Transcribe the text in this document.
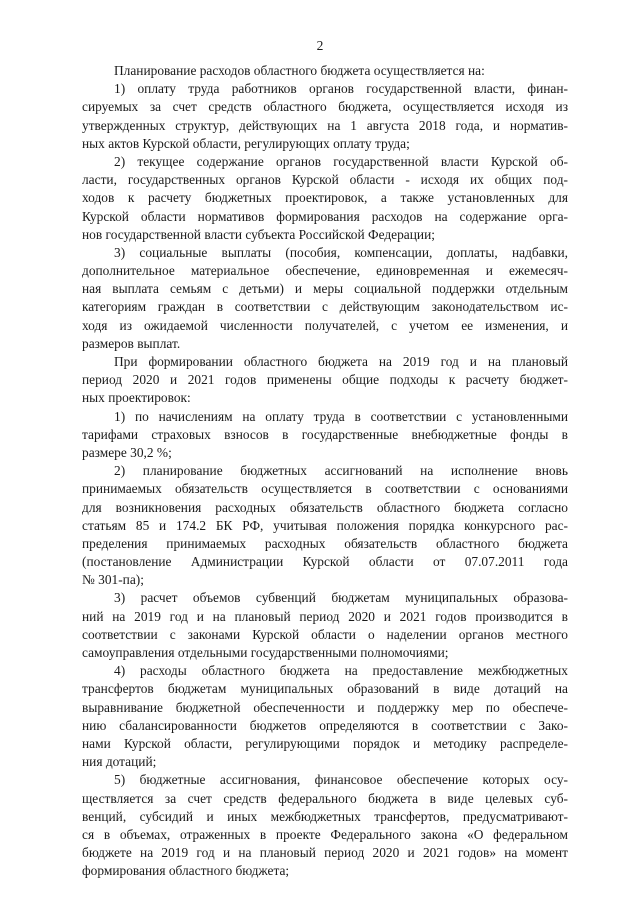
2
Планирование расходов областного бюджета осуществляется на:
1) оплату труда работников органов государственной власти, финан-
сируемых за счет средств областного бюджета, осуществляется исходя из
утвержденных структур, действующих на 1 августа 2018 года, и норматив-
ных актов Курской области, регулирующих оплату труда;
2) текущее содержание органов государственной власти Курской об-
ласти, государственных органов Курской области - исходя их общих под-
ходов к расчету бюджетных проектировок, а также установленных для
Курской области нормативов формирования расходов на содержание орга-
нов государственной власти субъекта Российской Федерации;
3) социальные выплаты (пособия, компенсации, доплаты, надбавки,
дополнительное материальное обеспечение, единовременная и ежемесяч-
ная выплата семьям с детьми) и меры социальной поддержки отдельным
категориям граждан в соответствии с действующим законодательством ис-
ходя из ожидаемой численности получателей, с учетом ее изменения, и
размеров выплат.
При формировании областного бюджета на 2019 год и на плановый
период 2020 и 2021 годов применены общие подходы к расчету бюджет-
ных проектировок:
1) по начислениям на оплату труда в соответствии с установленными
тарифами страховых взносов в государственные внебюджетные фонды в
размере 30,2 %;
2) планирование бюджетных ассигнований на исполнение вновь
принимаемых обязательств осуществляется в соответствии с основаниями
для возникновения расходных обязательств областного бюджета согласно
статьям 85 и 174.2 БК РФ, учитывая положения порядка конкурсного рас-
пределения принимаемых расходных обязательств областного бюджета
(постановление Администрации Курской области от 07.07.2011 года
№ 301-па);
3) расчет объемов субвенций бюджетам муниципальных образова-
ний на 2019 год и на плановый период 2020 и 2021 годов производится в
соответствии с законами Курской области о наделении органов местного
самоуправления отдельными государственными полномочиями;
4) расходы областного бюджета на предоставление межбюджетных
трансфертов бюджетам муниципальных образований в виде дотаций на
выравнивание бюджетной обеспеченности и поддержку мер по обеспече-
нию сбалансированности бюджетов определяются в соответствии с Зако-
нами Курской области, регулирующими порядок и методику распределе-
ния дотаций;
5) бюджетные ассигнования, финансовое обеспечение которых осу-
ществляется за счет средств федерального бюджета в виде целевых суб-
венций, субсидий и иных межбюджетных трансфертов, предусматривают-
ся в объемах, отраженных в проекте Федерального закона «О федеральном
бюджете на 2019 год и на плановый период 2020 и 2021 годов» на момент
формирования областного бюджета;
